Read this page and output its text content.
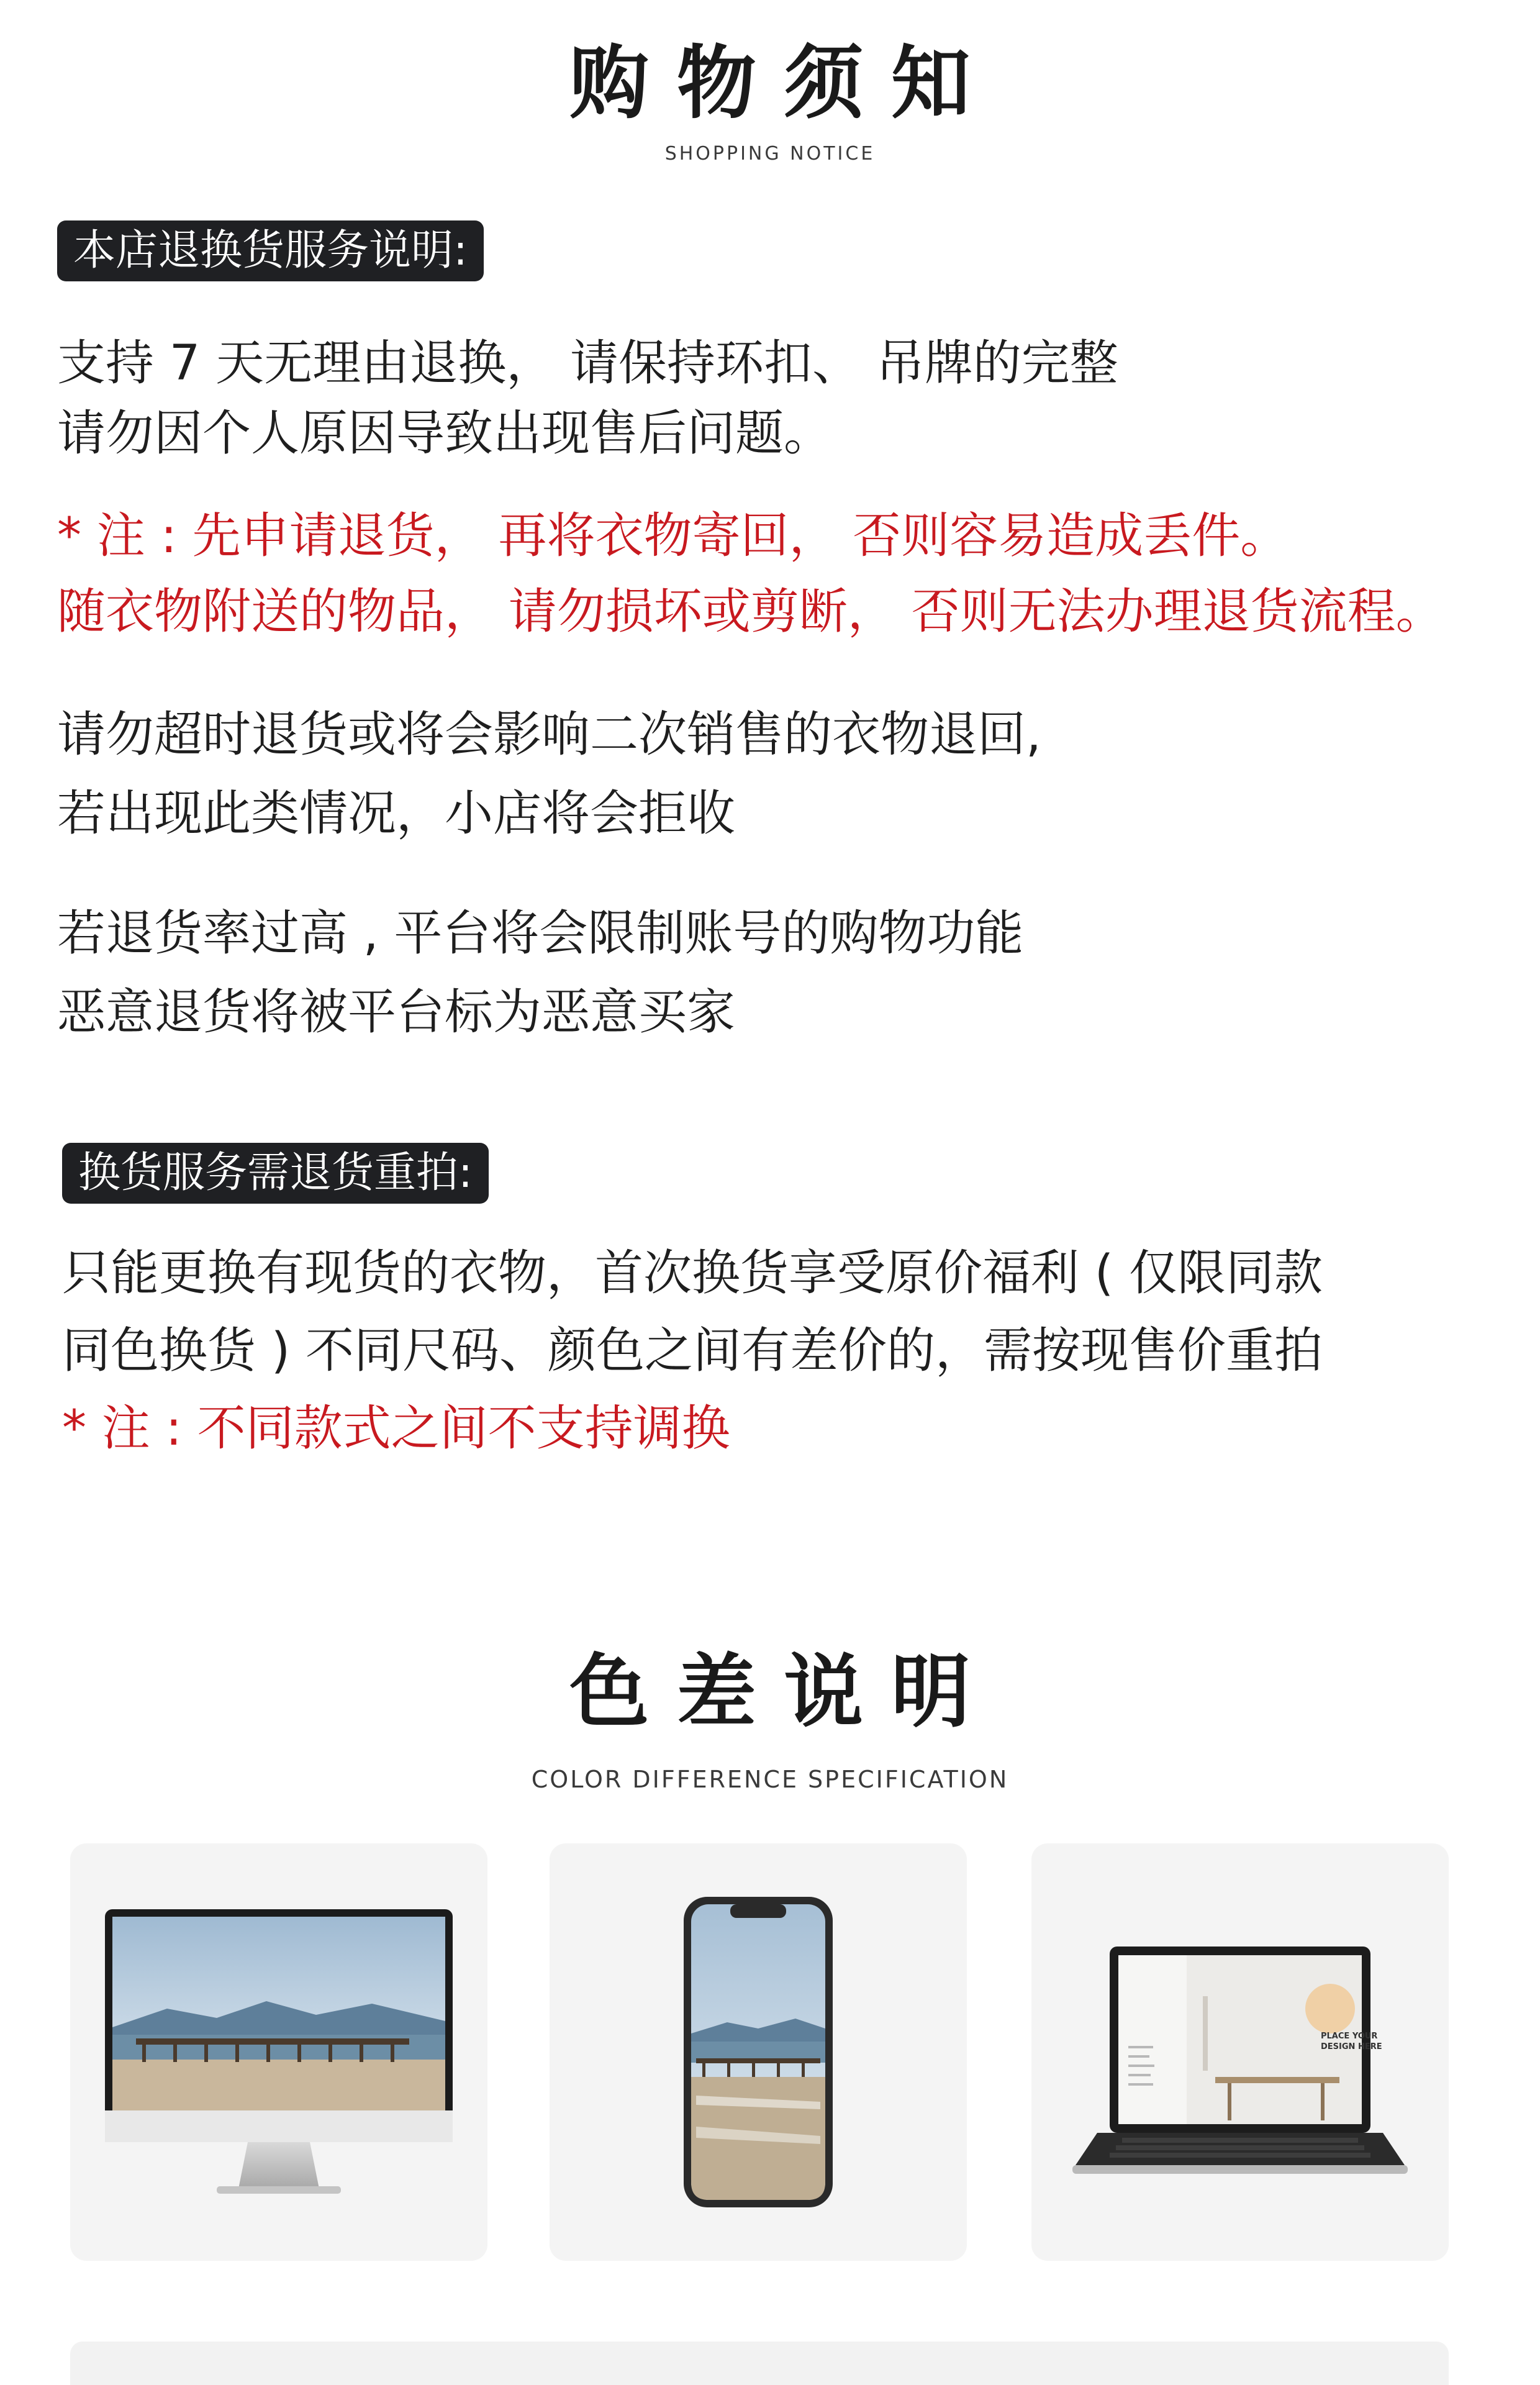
购 物 须 知

SHOPPING NOTICE

本店退换货服务说明:

支持 7 天无理由退换， 请保持环扣、 吊牌的完整

请勿因个人原因导致出现售后问题。

* 注 : 先申请退货， 再将衣物寄回， 否则容易造成丢件。

随衣物附送的物品， 请勿损坏或剪断， 否则无法办理退货流程。

请勿超时退货或将会影响二次销售的衣物退回,

若出现此类情况，小店将会拒收

若退货率过高 , 平台将会限制账号的购物功能

恶意退货将被平台标为恶意买家

换货服务需退货重拍:

只能更换有现货的衣物，首次换货享受原价福利 ( 仅限同款

同色换货 ) 不同尺码、颜色之间有差价的，需按现售价重拍

* 注 : 不同款式之间不支持调换

色 差 说 明

COLOR DIFFERENCE SPECIFICATION

PLACE YOUR
DESIGN HERE
